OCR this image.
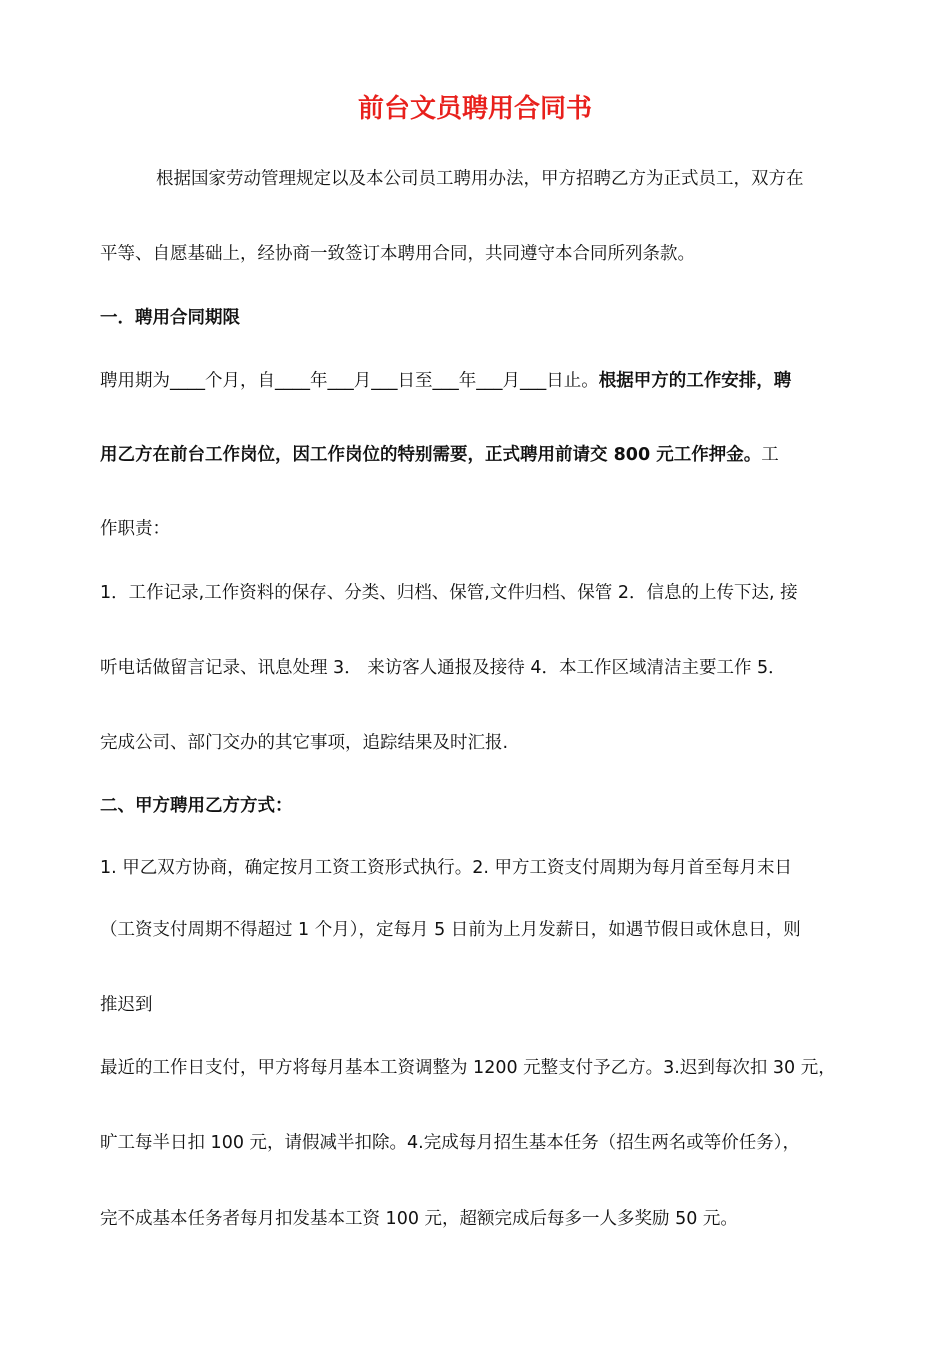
前台文员聘用合同书
根据国家劳动管理规定以及本公司员工聘用办法，甲方招聘乙方为正式员工，双方在
平等、自愿基础上，经协商一致签订本聘用合同，共同遵守本合同所列条款。
一．聘用合同期限
聘用期为____个月，自____年___月___日至___年___月___日止。根据甲方的工作安排，聘
用乙方在前台工作岗位，因工作岗位的特别需要，正式聘用前请交 800 元工作押金。工
作职责：
1．工作记录,工作资料的保存、分类、归档、保管,文件归档、保管 2．信息的上传下达, 接
听电话做留言记录、讯息处理 3． 来访客人通报及接待 4．本工作区域清洁主要工作 5．
完成公司、部门交办的其它事项，追踪结果及时汇报.
二、甲方聘用乙方方式：
1. 甲乙双方协商，确定按月工资工资形式执行。2. 甲方工资支付周期为每月首至每月末日
（工资支付周期不得超过 1 个月），定每月 5 日前为上月发薪日，如遇节假日或休息日，则
推迟到
最近的工作日支付，甲方将每月基本工资调整为 1200 元整支付予乙方。3.迟到每次扣 30 元，
旷工每半日扣 100 元，请假减半扣除。4.完成每月招生基本任务（招生两名或等价任务），
完不成基本任务者每月扣发基本工资 100 元，超额完成后每多一人多奖励 50 元。
